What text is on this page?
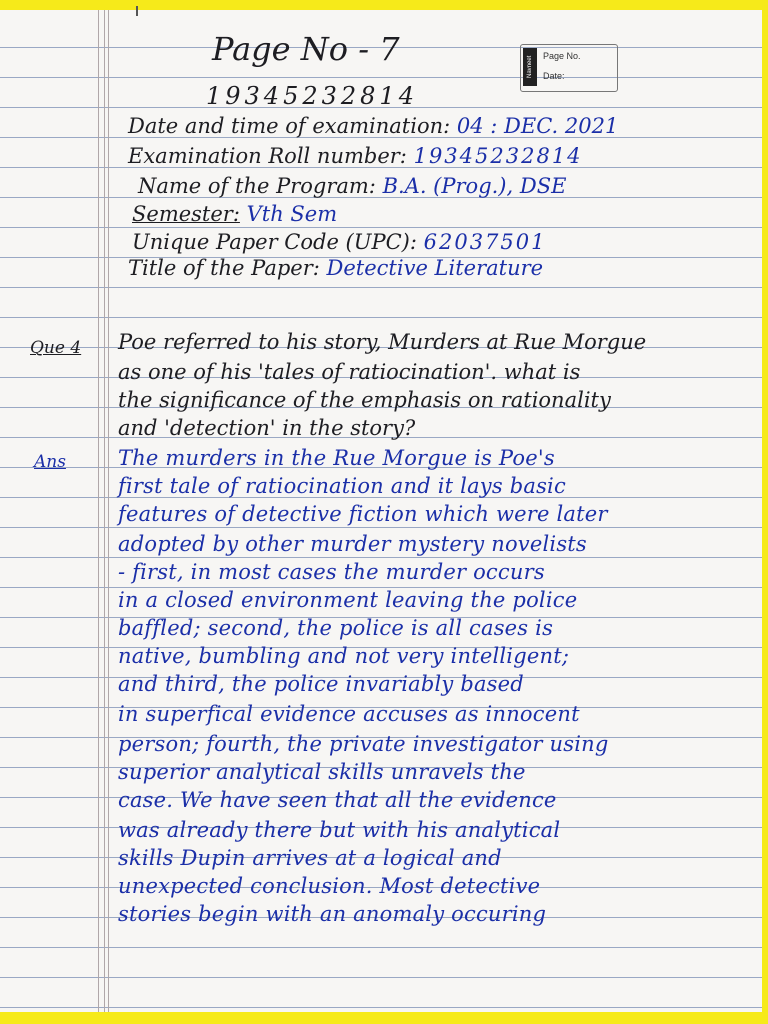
Page No - 7
19345232814
Navneet	Page No.
Date:
Date and time of examination: 04 : DEC. 2021
Examination Roll number: 19345232814
Name of the Program: B.A. (Prog.), DSE
Semester: Vth Sem
Unique Paper Code (UPC): 62037501
Title of the Paper: Detective Literature
Que 4 Poe referred to his story, Murders at Rue Morgue
as one of his 'tales of ratiocination'. what is
the significance of the emphasis on rationality
and 'detection' in the story?
Ans The murders in the Rue Morgue is Poe's
first tale of ratiocination and it lays basic
features of detective fiction which were later
adopted by other murder mystery novelists
- first, in most cases the murder occurs
in a closed environment leaving the police
baffled; second, the police is all cases is
native, bumbling and not very intelligent;
and third, the police invariably based
in superfical evidence accuses as innocent
person; fourth, the private investigator using
superior analytical skills unravels the
case. We have seen that all the evidence
was already there but with his analytical
skills Dupin arrives at a logical and
unexpected conclusion. Most detective
stories begin with an anomaly occuring
